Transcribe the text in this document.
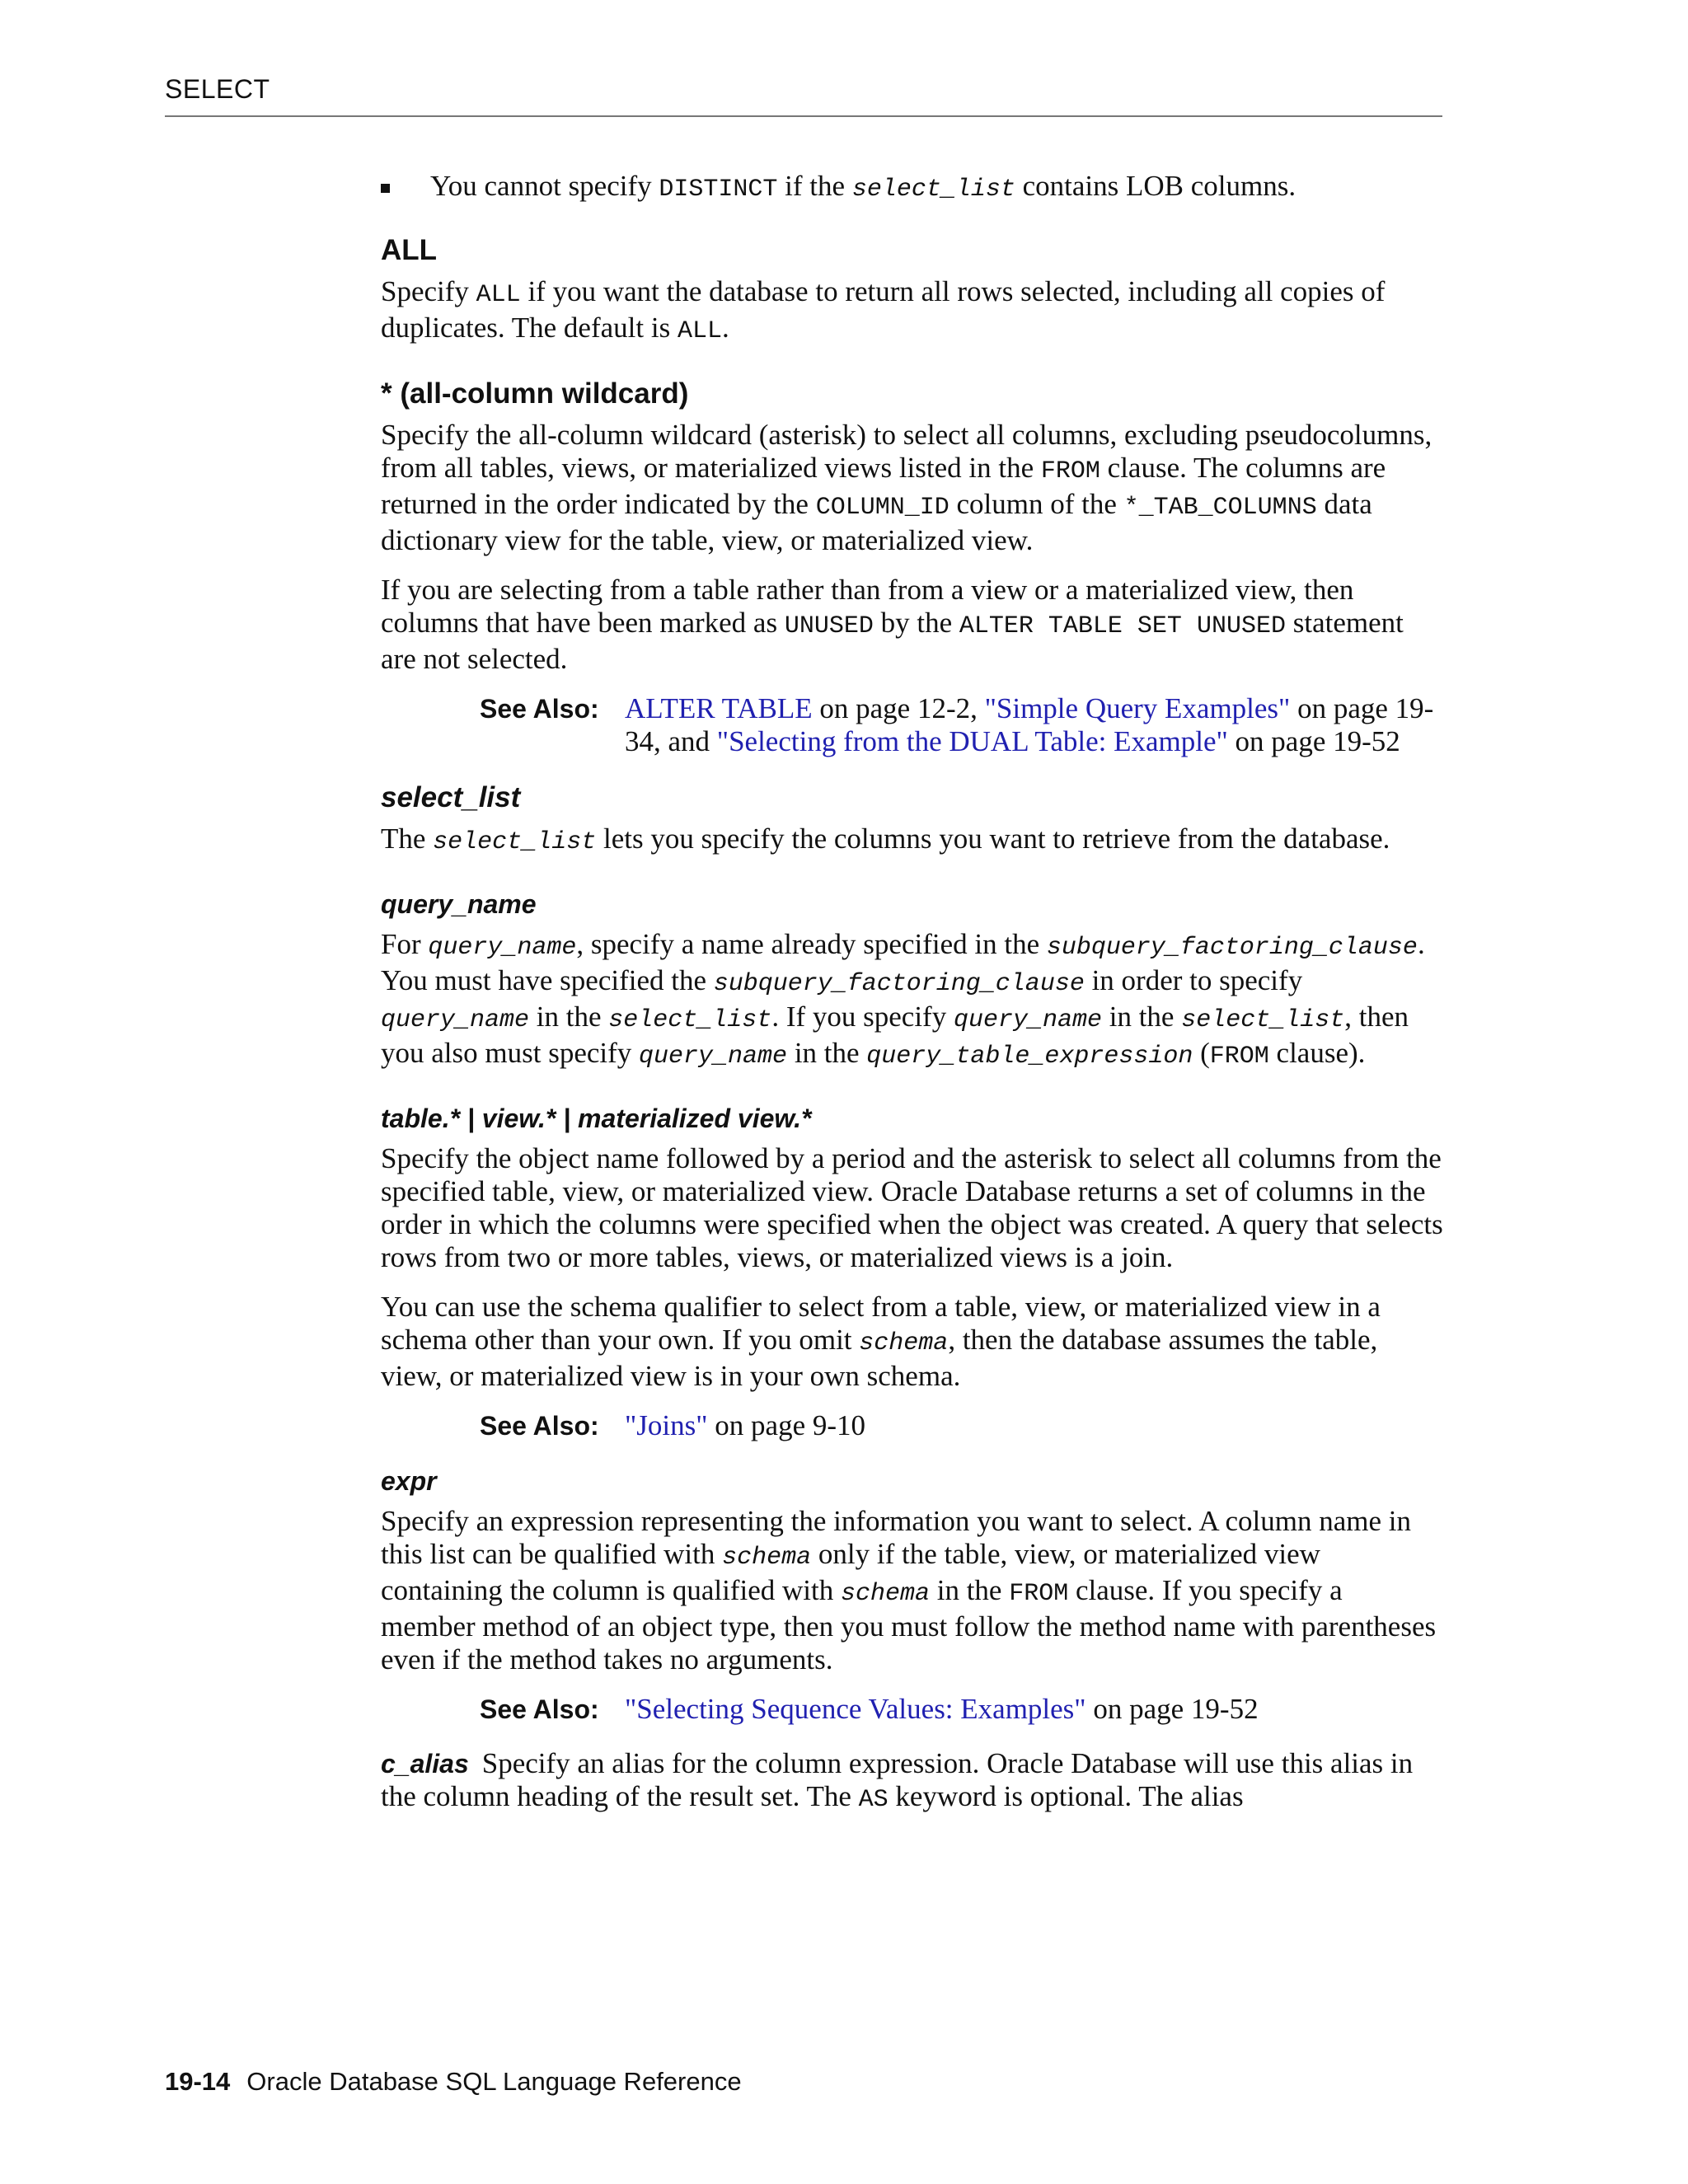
SELECT
You cannot specify DISTINCT if the select_list contains LOB columns.
ALL

Specify ALL if you want the database to return all rows selected, including all copies of duplicates. The default is ALL.

* (all-column wildcard)

Specify the all-column wildcard (asterisk) to select all columns, excluding pseudocolumns, from all tables, views, or materialized views listed in the FROM clause. The columns are returned in the order indicated by the COLUMN_ID column of the *_TAB_COLUMNS data dictionary view for the table, view, or materialized view.

If you are selecting from a table rather than from a view or a materialized view, then columns that have been marked as UNUSED by the ALTER TABLE SET UNUSED statement are not selected.

See Also: ALTER TABLE on page 12-2, "Simple Query Examples" on page 19-34, and "Selecting from the DUAL Table: Example" on page 19-52
select_list

The select_list lets you specify the columns you want to retrieve from the database.

query_name

For query_name, specify a name already specified in the subquery_factoring_clause. You must have specified the subquery_factoring_clause in order to specify query_name in the select_list. If you specify query_name in the select_list, then you also must specify query_name in the query_table_expression (FROM clause).

table.* | view.* | materialized view.*

Specify the object name followed by a period and the asterisk to select all columns from the specified table, view, or materialized view. Oracle Database returns a set of columns in the order in which the columns were specified when the object was created. A query that selects rows from two or more tables, views, or materialized views is a join.

You can use the schema qualifier to select from a table, view, or materialized view in a schema other than your own. If you omit schema, then the database assumes the table, view, or materialized view is in your own schema.

See Also: "Joins" on page 9-10
expr

Specify an expression representing the information you want to select. A column name in this list can be qualified with schema only if the table, view, or materialized view containing the column is qualified with schema in the FROM clause. If you specify a member method of an object type, then you must follow the method name with parentheses even if the method takes no arguments.

See Also: "Selecting Sequence Values: Examples" on page 19-52

c_alias Specify an alias for the column expression. Oracle Database will use this alias in the column heading of the result set. The AS keyword is optional. The alias

19-14 Oracle Database SQL Language Reference
